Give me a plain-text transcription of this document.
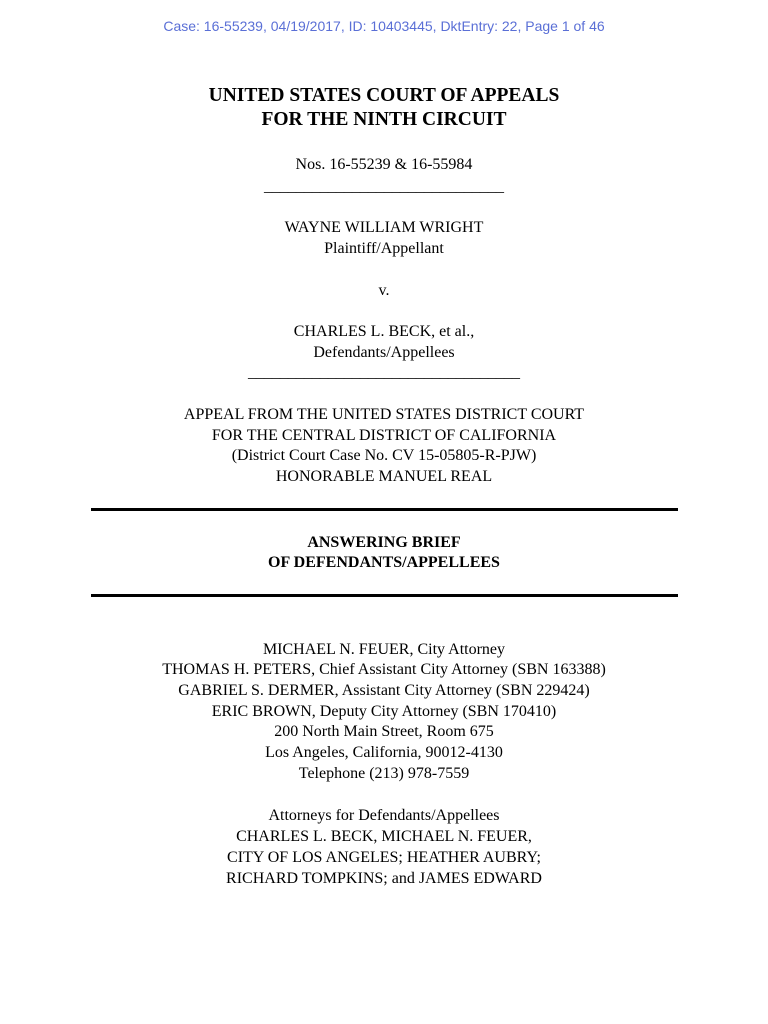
Case: 16-55239, 04/19/2017, ID: 10403445, DktEntry: 22, Page 1 of 46
UNITED STATES COURT OF APPEALS
FOR THE NINTH CIRCUIT
Nos. 16-55239 & 16-55984
______________________________
WAYNE WILLIAM WRIGHT
Plaintiff/Appellant
v.
CHARLES L. BECK, et al.,
Defendants/Appellees
__________________________________
APPEAL FROM THE UNITED STATES DISTRICT COURT
FOR THE CENTRAL DISTRICT OF CALIFORNIA
(District Court Case No. CV 15-05805-R-PJW)
HONORABLE MANUEL REAL
ANSWERING BRIEF
OF DEFENDANTS/APPELLEES
MICHAEL N. FEUER, City Attorney
THOMAS H. PETERS, Chief Assistant City Attorney (SBN 163388)
GABRIEL S. DERMER, Assistant City Attorney (SBN 229424)
ERIC BROWN, Deputy City Attorney (SBN 170410)
200 North Main Street, Room 675
Los Angeles, California, 90012-4130
Telephone (213) 978-7559
Attorneys for Defendants/Appellees
CHARLES L. BECK, MICHAEL N. FEUER,
CITY OF LOS ANGELES; HEATHER AUBRY;
RICHARD TOMPKINS; and JAMES EDWARD
